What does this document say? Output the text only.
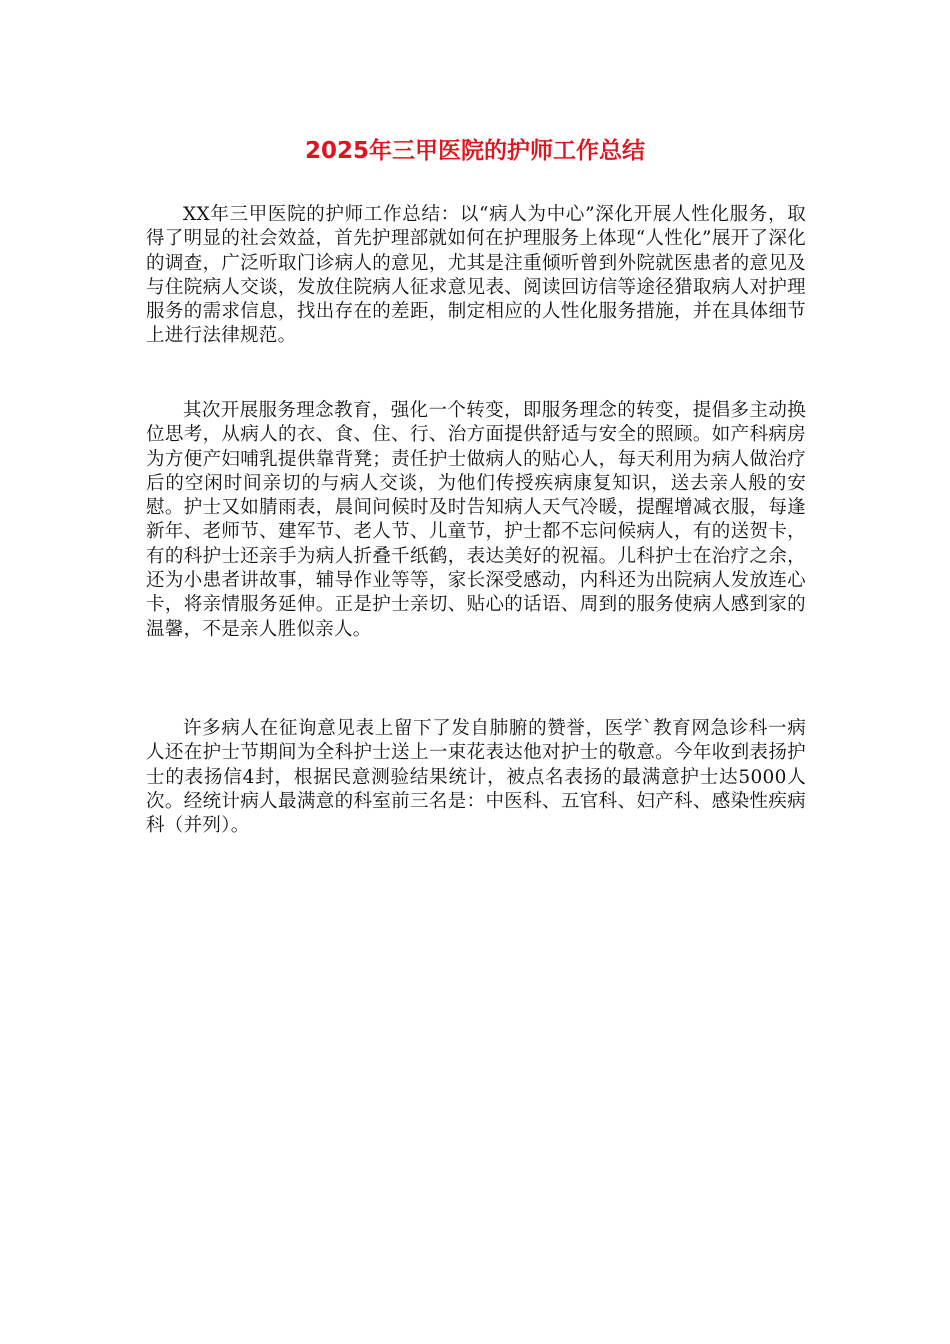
2025年三甲医院的护师工作总结

XX年三甲医院的护师工作总结：以“病人为中心”深化开展人性化服务，取得了明显的社会效益，首先护理部就如何在护理服务上体现“人性化”展开了深化的调查，广泛听取门诊病人的意见，尤其是注重倾听曾到外院就医患者的意见及与住院病人交谈，发放住院病人征求意见表、阅读回访信等途径猎取病人对护理服务的需求信息，找出存在的差距，制定相应的人性化服务措施，并在具体细节上进行法律规范。

其次开展服务理念教育，强化一个转变，即服务理念的转变，提倡多主动换位思考，从病人的衣、食、住、行、治方面提供舒适与安全的照顾。如产科病房为方便产妇哺乳提供靠背凳；责任护士做病人的贴心人，每天利用为病人做治疗后的空闲时间亲切的与病人交谈，为他们传授疾病康复知识，送去亲人般的安慰。护士又如腈雨表，晨间问候时及时告知病人天气冷暖，提醒增减衣服，每逢新年、老师节、建军节、老人节、儿童节，护士都不忘问候病人，有的送贺卡，有的科护士还亲手为病人折叠千纸鹤，表达美好的祝福。儿科护士在治疗之余，还为小患者讲故事，辅导作业等等，家长深受感动，内科还为出院病人发放连心卡，将亲情服务延伸。正是护士亲切、贴心的话语、周到的服务使病人感到家的温馨，不是亲人胜似亲人。

许多病人在征询意见表上留下了发自肺腑的赞誉，医学`教育网急诊科一病人还在护士节期间为全科护士送上一束花表达他对护士的敬意。今年收到表扬护士的表扬信4封，根据民意测验结果统计，被点名表扬的最满意护士达5000人次。经统计病人最满意的科室前三名是：中医科、五官科、妇产科、感染性疾病科（并列）。
